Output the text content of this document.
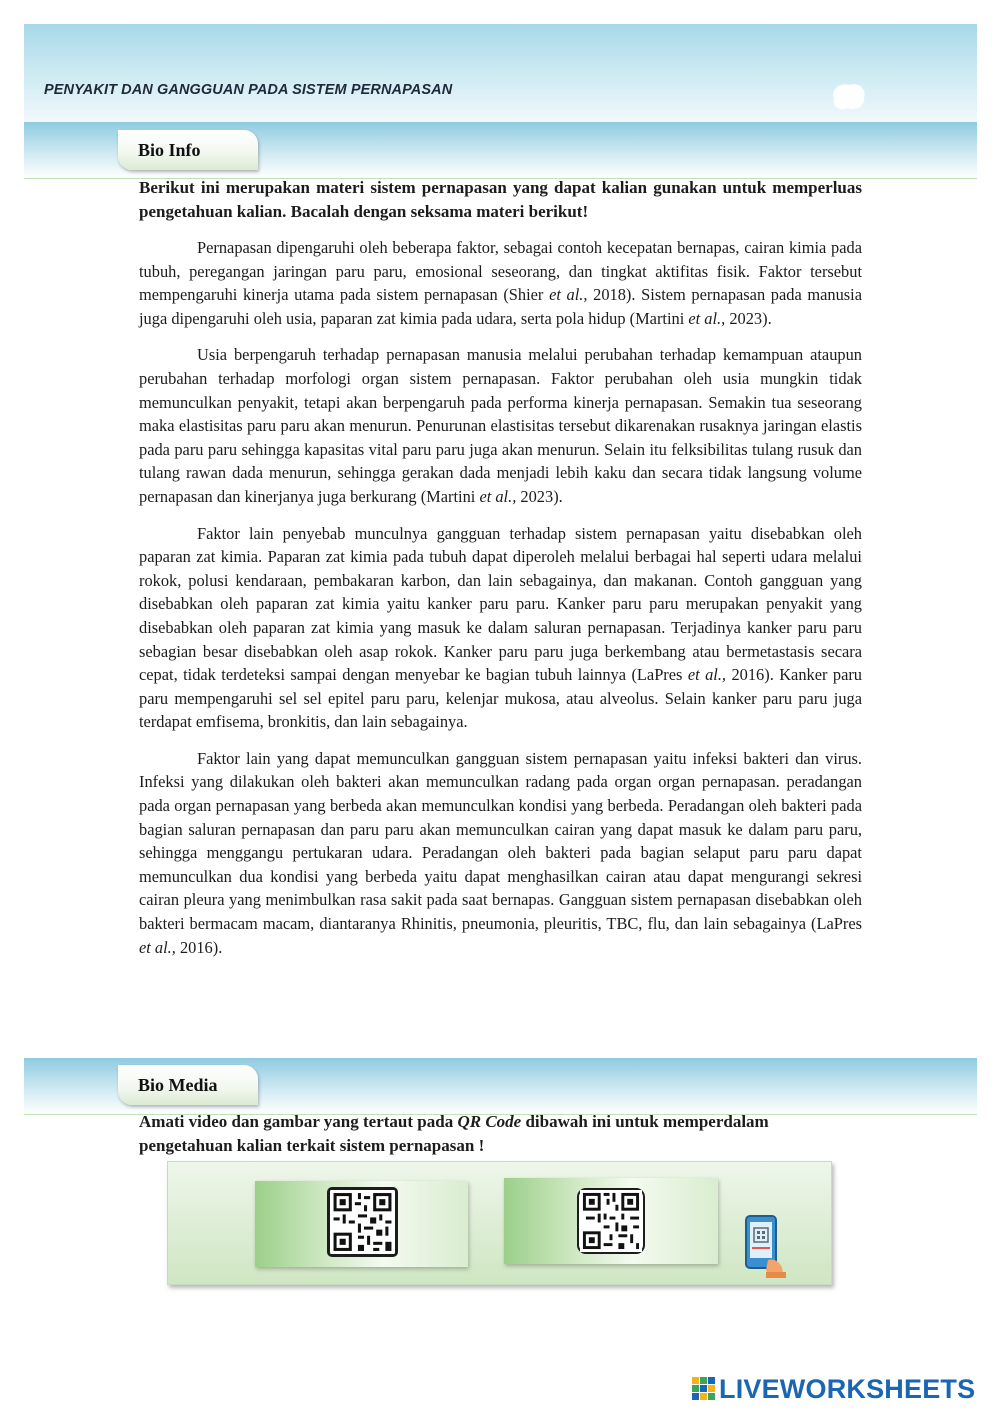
PENYAKIT DAN GANGGUAN PADA SISTEM PERNAPASAN
Bio Info
Berikut ini merupakan materi sistem pernapasan yang dapat kalian gunakan untuk memperluas pengetahuan kalian. Bacalah dengan seksama materi berikut!

Pernapasan dipengaruhi oleh beberapa faktor, sebagai contoh kecepatan bernapas, cairan kimia pada tubuh, peregangan jaringan paru paru, emosional seseorang, dan tingkat aktifitas fisik. Faktor tersebut mempengaruhi kinerja utama pada sistem pernapasan (Shier et al., 2018). Sistem pernapasan pada manusia juga dipengaruhi oleh usia, paparan zat kimia pada udara, serta pola hidup (Martini et al., 2023).

Usia berpengaruh terhadap pernapasan manusia melalui perubahan terhadap kemampuan ataupun perubahan terhadap morfologi organ sistem pernapasan. Faktor perubahan oleh usia mungkin tidak memunculkan penyakit, tetapi akan berpengaruh pada performa kinerja pernapasan. Semakin tua seseorang maka elastisitas paru paru akan menurun. Penurunan elastisitas tersebut dikarenakan rusaknya jaringan elastis pada paru paru sehingga kapasitas vital paru paru juga akan menurun. Selain itu felksibilitas tulang rusuk dan tulang rawan dada menurun, sehingga gerakan dada menjadi lebih kaku dan secara tidak langsung volume pernapasan dan kinerjanya juga berkurang (Martini et al., 2023).

Faktor lain penyebab munculnya gangguan terhadap sistem pernapasan yaitu disebabkan oleh paparan zat kimia. Paparan zat kimia pada tubuh dapat diperoleh melalui berbagai hal seperti udara melalui rokok, polusi kendaraan, pembakaran karbon, dan lain sebagainya, dan makanan. Contoh gangguan yang disebabkan oleh paparan zat kimia yaitu kanker paru paru. Kanker paru paru merupakan penyakit yang disebabkan oleh paparan zat kimia yang masuk ke dalam saluran pernapasan. Terjadinya kanker paru paru sebagian besar disebabkan oleh asap rokok. Kanker paru paru juga berkembang atau bermetastasis secara cepat, tidak terdeteksi sampai dengan menyebar ke bagian tubuh lainnya (LaPres et al., 2016). Kanker paru paru mempengaruhi sel sel epitel paru paru, kelenjar mukosa, atau alveolus. Selain kanker paru paru juga terdapat emfisema, bronkitis, dan lain sebagainya.

Faktor lain yang dapat memunculkan gangguan sistem pernapasan yaitu infeksi bakteri dan virus. Infeksi yang dilakukan oleh bakteri akan memunculkan radang pada organ organ pernapasan. peradangan pada organ pernapasan yang berbeda akan memunculkan kondisi yang berbeda. Peradangan oleh bakteri pada bagian saluran pernapasan dan paru paru akan memunculkan cairan yang dapat masuk ke dalam paru paru, sehingga menggangu pertukaran udara. Peradangan oleh bakteri pada bagian selaput paru paru dapat memunculkan dua kondisi yang berbeda yaitu dapat menghasilkan cairan atau dapat mengurangi sekresi cairan pleura yang menimbulkan rasa sakit pada saat bernapas. Gangguan sistem pernapasan disebabkan oleh bakteri bermacam macam, diantaranya Rhinitis, pneumonia, pleuritis, TBC, flu, dan lain sebagainya (LaPres et al., 2016).

Bio Media
Amati video dan gambar yang tertaut pada QR Code dibawah ini untuk memperdalam pengetahuan kalian terkait sistem pernapasan !
LIVEWORKSHEETS
